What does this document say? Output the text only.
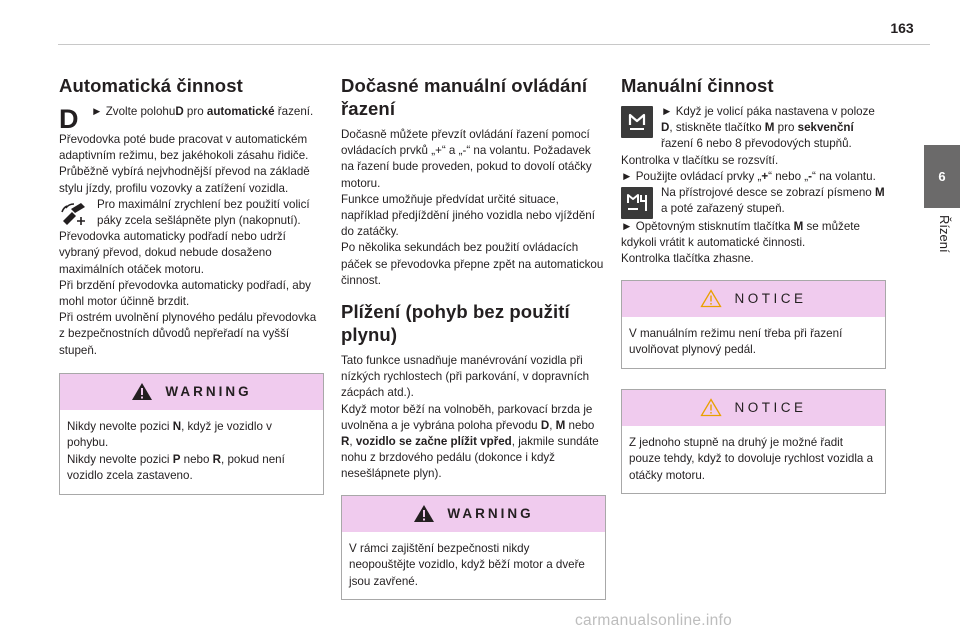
163
6
Řízení
Automatická činnost
D	► Zvolte polohuD pro automatické řazení.

Převodovka poté bude pracovat v automatickém adaptivním režimu, bez jakéhokoli zásahu řidiče. Průběžně vybírá nejvhodnější převod na základě stylu jízdy, profilu vozovky a zatížení vozidla.

Pro maximální zrychlení bez použití volicí páky zcela sešlápněte plyn (nakopnutí).

Převodovka automaticky podřadí nebo udrží vybraný převod, dokud nebude dosaženo maximálních otáček motoru.

Při brzdění převodovka automaticky podřadí, aby mohl motor účinně brzdit.

Při ostrém uvolnění plynového pedálu převodovka z bezpečnostních důvodů nepřeřadí na vyšší stupeň.

WARNING

Nikdy nevolte pozici N, když je vozidlo v pohybu.

Nikdy nevolte pozici P nebo R, pokud není vozidlo zcela zastaveno.

Dočasné manuální ovládání řazení

Dočasně můžete převzít ovládání řazení pomocí ovládacích prvků „+“ a „-“ na volantu. Požadavek na řazení bude proveden, pokud to dovolí otáčky motoru.

Funkce umožňuje předvídat určité situace, například předjíždění jiného vozidla nebo vjíždění do zatáčky.

Po několika sekundách bez použití ovládacích páček se převodovka přepne zpět na automatickou činnost.

Plížení (pohyb bez použití plynu)

Tato funkce usnadňuje manévrování vozidla při nízkých rychlostech (při parkování, v dopravních zácpách atd.).

Když motor běží na volnoběh, parkovací brzda je uvolněna a je vybrána poloha převodu D, M nebo R, vozidlo se začne plížit vpřed, jakmile sundáte nohu z brzdového pedálu (dokonce i když nesešlápnete plyn).

WARNING
V rámci zajištění bezpečnosti nikdy neopouštějte vozidlo, když běží motor a dveře jsou zavřené.
Manuální činnost

► Když je volicí páka nastavena v poloze D, stiskněte tlačítko M pro sekvenční řazení 6 nebo 8 převodových stupňů.

Kontrolka v tlačítku se rozsvítí.

► Použijte ovládací prvky „+“ nebo „-“ na volantu.

Na přístrojové desce se zobrazí písmeno M a poté zařazený stupeň.

► Opětovným stisknutím tlačítka M se můžete kdykoli vrátit k automatické činnosti.

Kontrolka tlačítka zhasne.

NOTICE
V manuálním režimu není třeba při řazení uvolňovat plynový pedál.
NOTICE
Z jednoho stupně na druhý je možné řadit pouze tehdy, když to dovoluje rychlost vozidla a otáčky motoru.
carmanualsonline.info
